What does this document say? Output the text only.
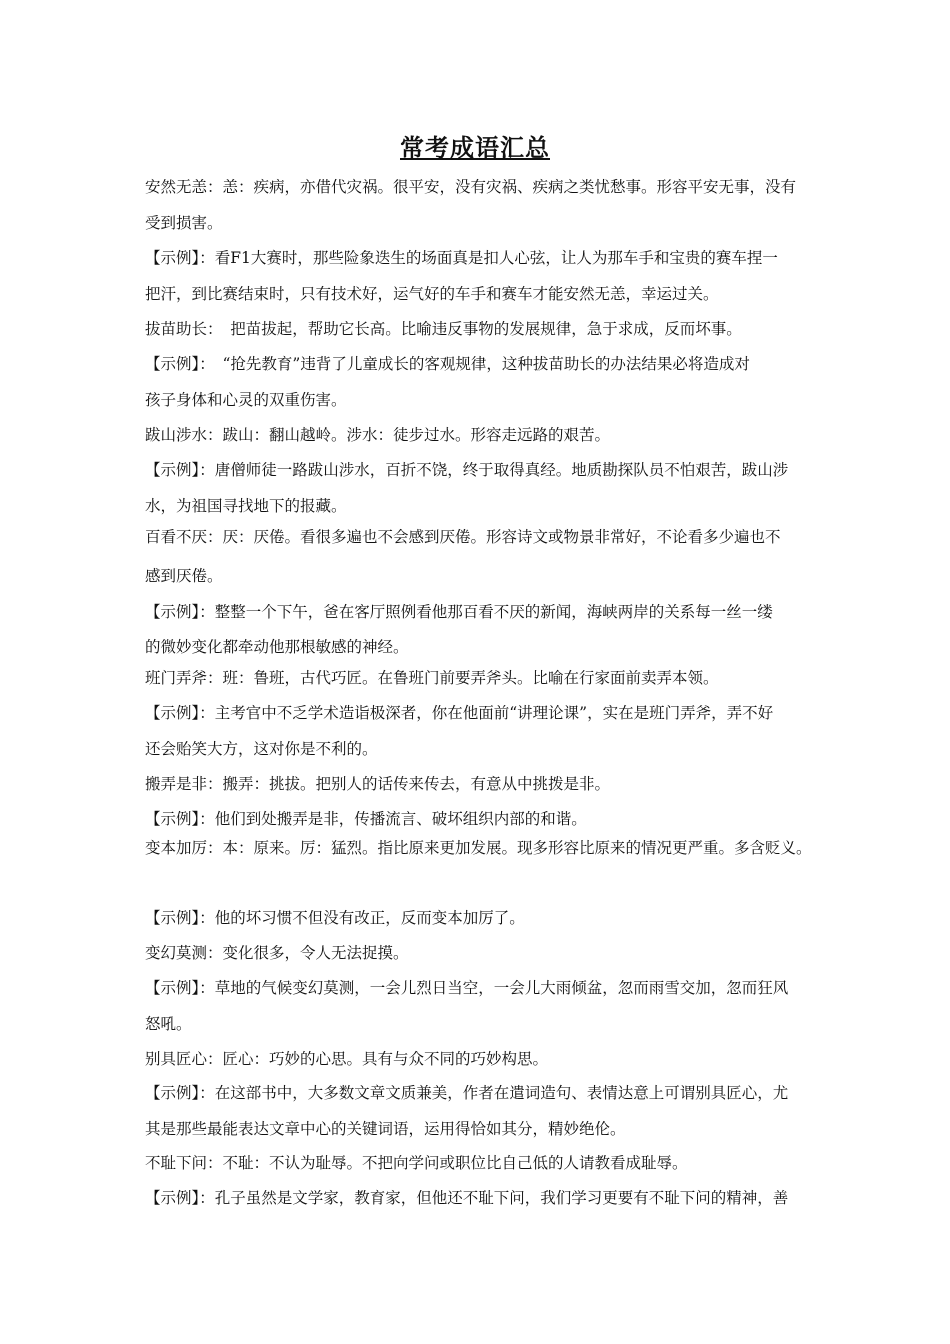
常考成语汇总
安然无恙：恙：疾病，亦借代灾祸。很平安，没有灾祸、疾病之类忧愁事。形容平安无事，没有
受到损害。
【示例】：看F1大赛时，那些险象迭生的场面真是扣人心弦，让人为那车手和宝贵的赛车捏一
把汗，到比赛结束时，只有技术好，运气好的车手和赛车才能安然无恙，幸运过关。
拔苗助长：　把苗拔起，帮助它长高。比喻违反事物的发展规律，急于求成，反而坏事。
【示例】：　“抢先教育”违背了儿童成长的客观规律，这种拔苗助长的办法结果必将造成对
孩子身体和心灵的双重伤害。
跋山涉水：跋山：翻山越岭。涉水：徒步过水。形容走远路的艰苦。
【示例】：唐僧师徒一路跋山涉水，百折不饶，终于取得真经。地质勘探队员不怕艰苦，跋山涉
水，为祖国寻找地下的报藏。
百看不厌：厌：厌倦。看很多遍也不会感到厌倦。形容诗文或物景非常好，不论看多少遍也不
感到厌倦。
【示例】：整整一个下午，爸在客厅照例看他那百看不厌的新闻，海峡两岸的关系每一丝一缕
的微妙变化都牵动他那根敏感的神经。
班门弄斧：班：鲁班，古代巧匠。在鲁班门前要弄斧头。比喻在行家面前卖弄本领。
【示例】：主考官中不乏学术造诣极深者，你在他面前“讲理论课”，实在是班门弄斧，弄不好
还会贻笑大方，这对你是不利的。
搬弄是非：搬弄：挑拔。把别人的话传来传去，有意从中挑拨是非。
【示例】：他们到处搬弄是非，传播流言、破坏组织内部的和谐。
变本加厉：本：原来。厉：猛烈。指比原来更加发展。现多形容比原来的情况更严重。多含贬义。
【示例】：他的坏习惯不但没有改正，反而变本加厉了。
变幻莫测：变化很多，令人无法捉摸。
【示例】：草地的气候变幻莫测，一会儿烈日当空，一会儿大雨倾盆，忽而雨雪交加，忽而狂风
怒吼。
别具匠心：匠心：巧妙的心思。具有与众不同的巧妙构思。
【示例】：在这部书中，大多数文章文质兼美，作者在遣词造句、表情达意上可谓别具匠心，尤
其是那些最能表达文章中心的关键词语，运用得恰如其分，精妙绝伦。
不耻下问：不耻：不认为耻辱。不把向学问或职位比自己低的人请教看成耻辱。
【示例】：孔子虽然是文学家，教育家，但他还不耻下问，我们学习更要有不耻下问的精神，善
